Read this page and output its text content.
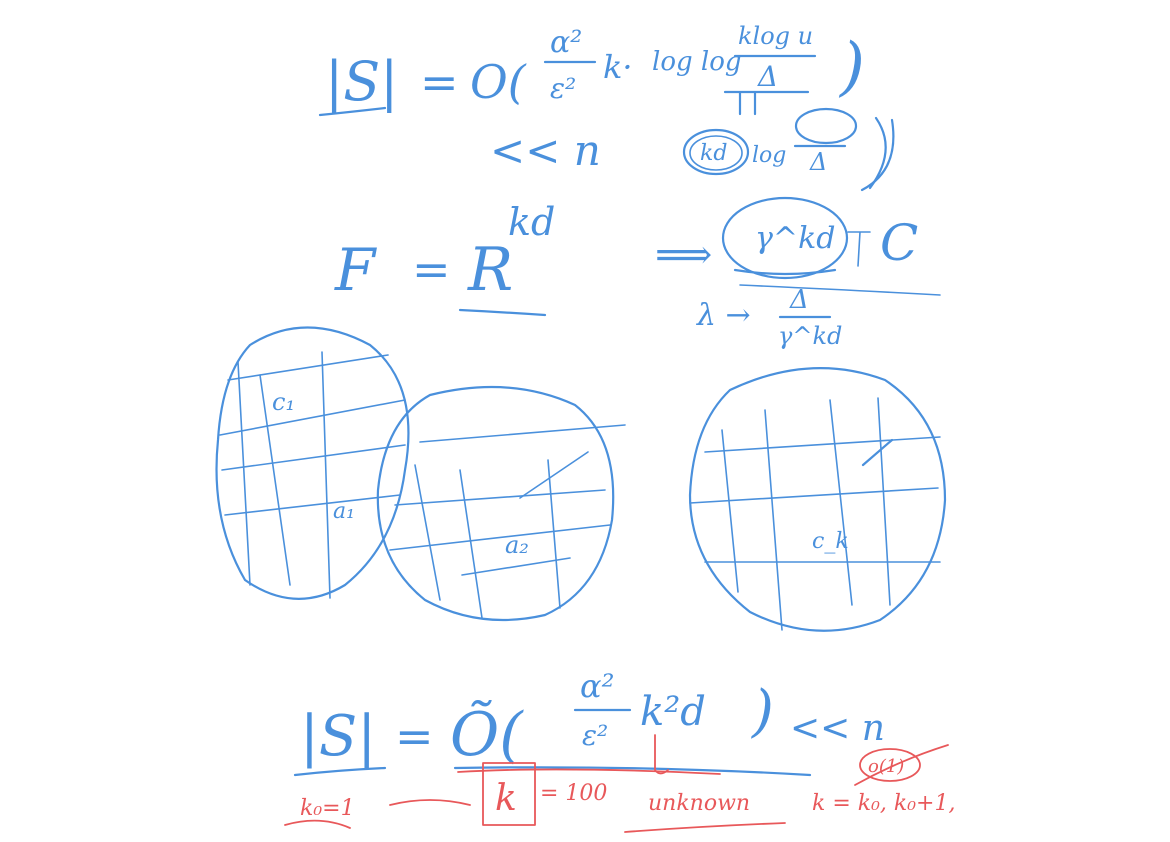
|S| = O(
α²
ε²
k· log log
klog u
Δ )
<< n	kd log Δ
F = R
kd
⟹ γ^kd C
λ → Δ
γ^kd
c₁
a₁
a₂	c_k
|S| = Õ(
α²
ε²
k²d ) << n
k₀=1	k = 100 unknown	k = k₀, k₀+1,
o(1)
